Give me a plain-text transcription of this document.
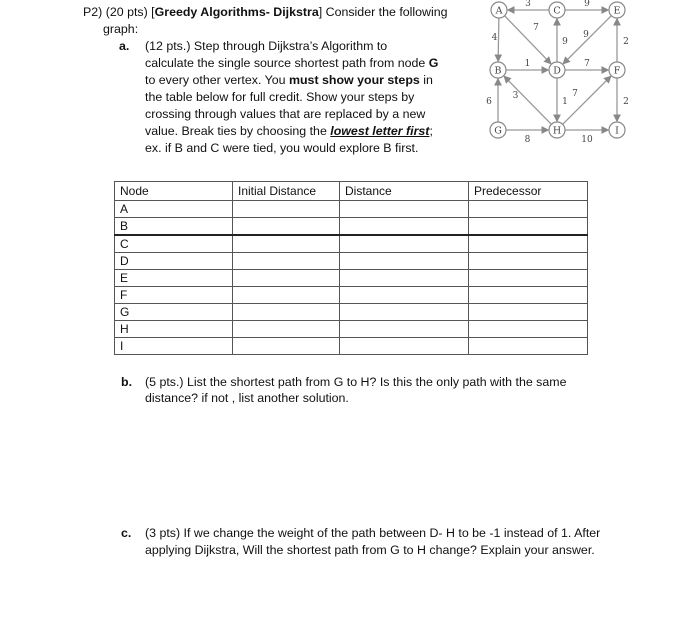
P2) (20 pts) [Greedy Algorithms- Dijkstra] Consider the following
graph:
a. (12 pts.) Step through Dijkstra’s Algorithm to
calculate the single source shortest path from node G
to every other vertex. You must show your steps in
the table below for full credit. Show your steps by
crossing through values that are replaced by a new
value. Break ties by choosing the lowest letter first;
ex. if B and C were tied, you would explore B first.
3	9
4
7
9
9
2
1	7
6
3
1
7
2
8	10
A	C	E
B	D	F
G	H	I
Node	Initial Distance	Distance	Predecessor
A			
B			
C			
D			
E			
F			
G			
H			
I			
b. (5 pts.) List the shortest path from G to H? Is this the only path with the same
distance? if not , list another solution.
c. (3 pts) If we change the weight of the path between D- H to be -1 instead of 1. After
applying Dijkstra, Will the shortest path from G to H change? Explain your answer.
